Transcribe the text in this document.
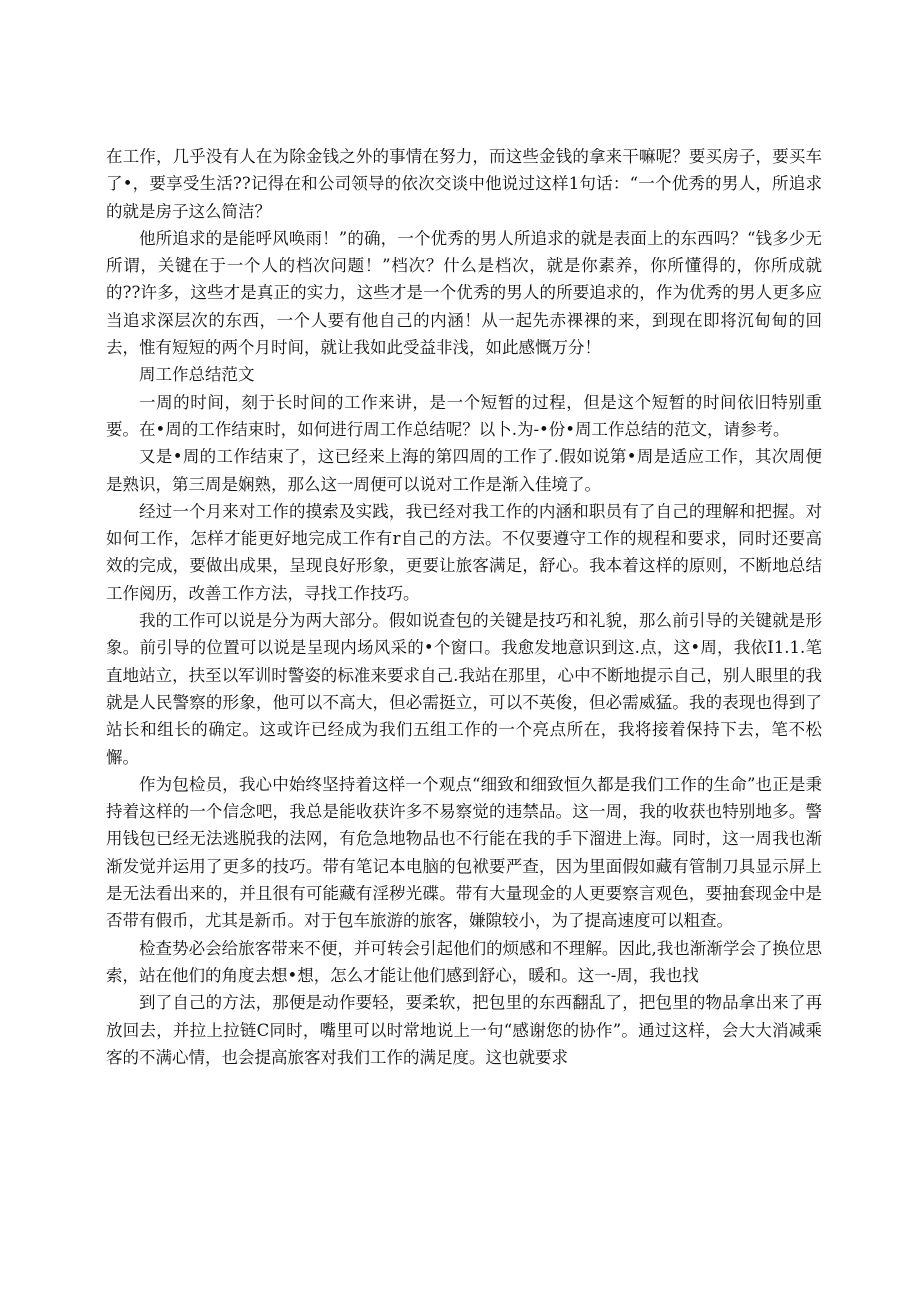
在工作，几乎没有人在为除金钱之外的事情在努力，而这些金钱的拿来干嘛呢？要买房子，要买车了•，要享受生活??记得在和公司领导的依次交谈中他说过这样1句话：“一个优秀的男人，所追求的就是房子这么简洁？

他所追求的是能呼风唤雨！”的确，一个优秀的男人所追求的就是表面上的东西吗？“钱多少无所谓，关键在于一个人的档次问题！”档次？什么是档次，就是你素养，你所懂得的，你所成就的??许多，这些才是真正的实力，这些才是一个优秀的男人的所要追求的，作为优秀的男人更多应当追求深层次的东西，一个人要有他自己的内涵！从一起先赤祼祼的来，到现在即将沉甸甸的回去，惟有短短的两个月时间，就让我如此受益非浅，如此感慨万分！

周工作总结范文

一周的时间，刻于长时间的工作来讲，是一个短暂的过程，但是这个短暂的时间依旧特别重要。在•周的工作结束时，如何进行周工作总结呢？以卜.为-•份•周工作总结的范文，请参考。

又是•周的工作结束了，这已经来上海的第四周的工作了.假如说第•周是适应工作，其次周便是熟识，第三周是娴熟，那么这一周便可以说对工作是渐入佳境了。

经过一个月来对工作的摸索及实践，我已经对我工作的内涵和职员有了自己的理解和把握。对如何工作，怎样才能更好地完成工作有r自己的方法。不仅要遵守工作的规程和要求，同时还要高效的完成，要做出成果，呈现良好形象，更要让旅客满足，舒心。我本着这样的原则，不断地总结工作阅历，改善工作方法，寻找工作技巧。

我的工作可以说是分为两大部分。假如说查包的关键是技巧和礼貌，那么前引导的关键就是形象。前引导的位置可以说是呈现内场风采的•个窗口。我愈发地意识到这.点，这•周，我依I1.1.笔直地站立，扶至以军训时警姿的标准来要求自己.我站在那里，心中不断地提示自己，别人眼里的我就是人民警察的形象，他可以不高大，但必需挺立，可以不英俊，但必需威猛。我的表现也得到了站长和组长的确定。这或许已经成为我们五组工作的一个亮点所在，我将接着保持下去，笔不松懈。

作为包检员，我心中始终坚持着这样一个观点“细致和细致恒久都是我们工作的生命”也正是秉持着这样的一个信念吧，我总是能收获许多不易察觉的违禁品。这一周，我的收获也特别地多。警用钱包已经无法逃脱我的法网，有危急地物品也不行能在我的手下溜进上海。同时，这一周我也渐渐发觉并运用了更多的技巧。带有笔记本电脑的包袱要严查，因为里面假如藏有管制刀具显示屏上是无法看出来的，并且很有可能藏有淫秽光碟。带有大量现金的人更要察言观色，要抽套现金中是否带有假币，尤其是新币。对于包车旅游的旅客，嫌隙较小，为了提高速度可以粗查。

检查势必会给旅客带来不便，并可转会引起他们的烦感和不理解。因此,我也渐渐学会了换位思索，站在他们的角度去想•想，怎么才能让他们感到舒心，暖和。这一-周，我也找

到了自己的方法，那便是动作要轻，要柔软，把包里的东西翻乱了，把包里的物品拿出来了再放回去，并拉上拉链C同时，嘴里可以时常地说上一句“感谢您的协作”。通过这样，会大大消减乘客的不满心情，也会提高旅客对我们工作的满足度。这也就要求
